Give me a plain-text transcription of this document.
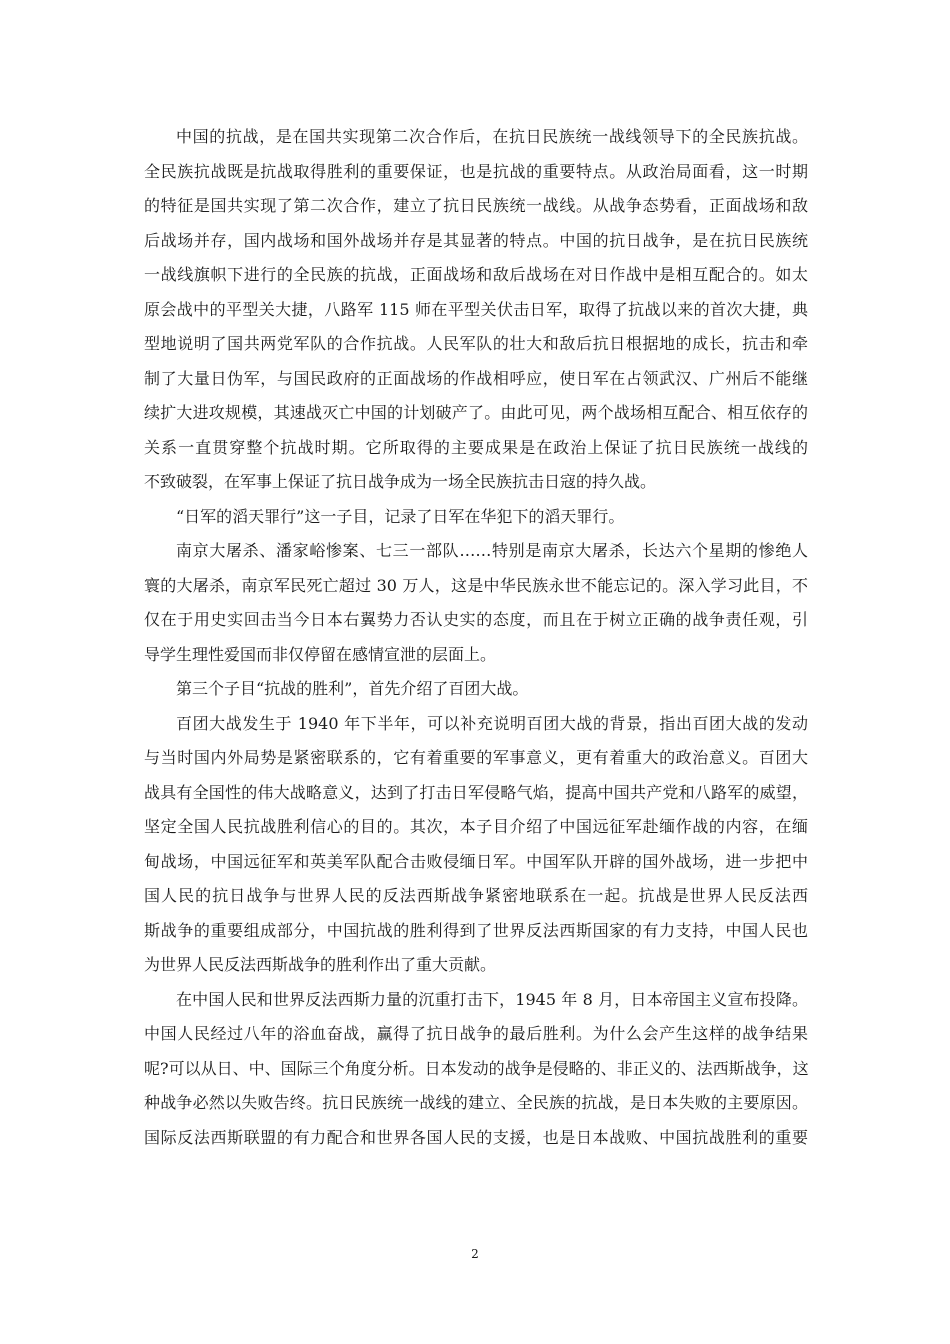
中国的抗战，是在国共实现第二次合作后，在抗日民族统一战线领导下的全民族抗战。
全民族抗战既是抗战取得胜利的重要保证，也是抗战的重要特点。从政治局面看，这一时期
的特征是国共实现了第二次合作，建立了抗日民族统一战线。从战争态势看，正面战场和敌
后战场并存，国内战场和国外战场并存是其显著的特点。中国的抗日战争，是在抗日民族统
一战线旗帜下进行的全民族的抗战，正面战场和敌后战场在对日作战中是相互配合的。如太
原会战中的平型关大捷，八路军 115 师在平型关伏击日军，取得了抗战以来的首次大捷，典
型地说明了国共两党军队的合作抗战。人民军队的壮大和敌后抗日根据地的成长，抗击和牵
制了大量日伪军，与国民政府的正面战场的作战相呼应，使日军在占领武汉、广州后不能继
续扩大进攻规模，其速战灭亡中国的计划破产了。由此可见，两个战场相互配合、相互依存的
关系一直贯穿整个抗战时期。它所取得的主要成果是在政治上保证了抗日民族统一战线的
不致破裂，在军事上保证了抗日战争成为一场全民族抗击日寇的持久战。
“日军的滔天罪行”这一子目，记录了日军在华犯下的滔天罪行。
南京大屠杀、潘家峪惨案、七三一部队……特别是南京大屠杀，长达六个星期的惨绝人
寰的大屠杀，南京军民死亡超过 30 万人，这是中华民族永世不能忘记的。深入学习此目，不
仅在于用史实回击当今日本右翼势力否认史实的态度，而且在于树立正确的战争责任观，引
导学生理性爱国而非仅停留在感情宣泄的层面上。
第三个子目“抗战的胜利”，首先介绍了百团大战。
百团大战发生于 1940 年下半年，可以补充说明百团大战的背景，指出百团大战的发动
与当时国内外局势是紧密联系的，它有着重要的军事意义，更有着重大的政治意义。百团大
战具有全国性的伟大战略意义，达到了打击日军侵略气焰，提高中国共产党和八路军的威望，
坚定全国人民抗战胜利信心的目的。其次，本子目介绍了中国远征军赴缅作战的内容，在缅
甸战场，中国远征军和英美军队配合击败侵缅日军。中国军队开辟的国外战场，进一步把中
国人民的抗日战争与世界人民的反法西斯战争紧密地联系在一起。抗战是世界人民反法西
斯战争的重要组成部分，中国抗战的胜利得到了世界反法西斯国家的有力支持，中国人民也
为世界人民反法西斯战争的胜利作出了重大贡献。
在中国人民和世界反法西斯力量的沉重打击下，1945 年 8 月，日本帝国主义宣布投降。
中国人民经过八年的浴血奋战，赢得了抗日战争的最后胜利。为什么会产生这样的战争结果
呢?可以从日、中、国际三个角度分析。日本发动的战争是侵略的、非正义的、法西斯战争，这
种战争必然以失败告终。抗日民族统一战线的建立、全民族的抗战，是日本失败的主要原因。
国际反法西斯联盟的有力配合和世界各国人民的支援，也是日本战败、中国抗战胜利的重要
2
